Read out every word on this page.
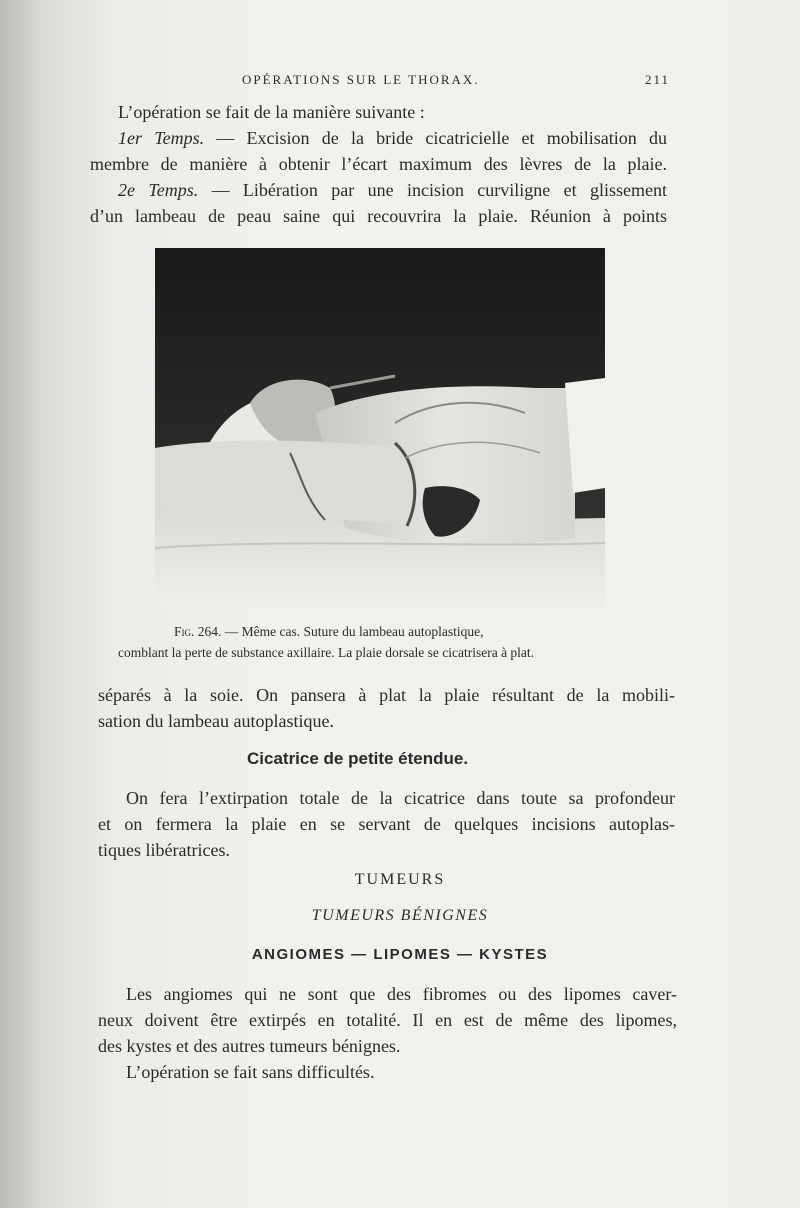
OPÉRATIONS SUR LE THORAX.	211
L’opération se fait de la manière suivante :
1er Temps. — Excision de la bride cicatricielle et mobilisation du
membre de manière à obtenir l’écart maximum des lèvres de la plaie.
2e Temps. — Libération par une incision curviligne et glissement
d’un lambeau de peau saine qui recouvrira la plaie. Réunion à points
Fig. 264. — Même cas. Suture du lambeau autoplastique,
comblant la perte de substance axillaire. La plaie dorsale se cicatrisera à plat.
séparés à la soie. On pansera à plat la plaie résultant de la mobili-
sation du lambeau autoplastique.
Cicatrice de petite étendue.
On fera l’extirpation totale de la cicatrice dans toute sa profondeur
et on fermera la plaie en se servant de quelques incisions autoplas-
tiques libératrices.
TUMEURS
TUMEURS BÉNIGNES
ANGIOMES — LIPOMES — KYSTES
Les angiomes qui ne sont que des fibromes ou des lipomes caver-
neux doivent être extirpés en totalité. Il en est de même des lipomes,
des kystes et des autres tumeurs bénignes.
L’opération se fait sans difficultés.
